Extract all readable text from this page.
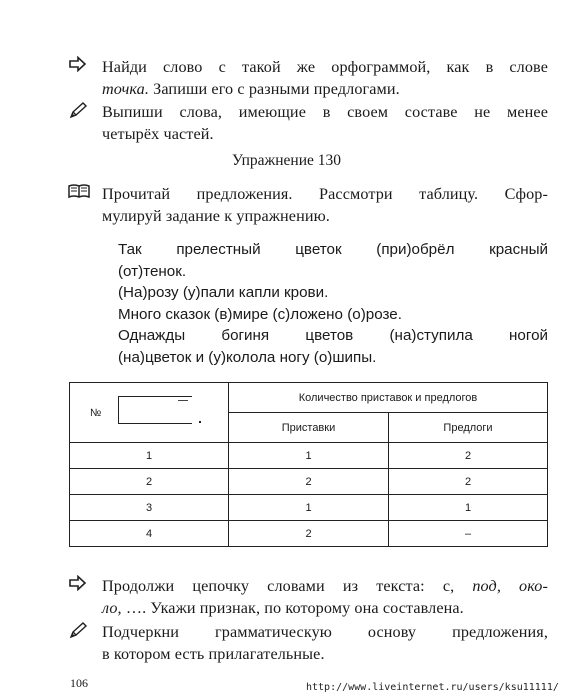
Найди слово с такой же орфограммой, как в слове
точка. Запиши его с разными предлогами.
Выпиши слова, имеющие в своем составе не менее
четырёх частей.
Упражнение 130
Прочитай предложения. Рассмотри таблицу. Сфор-
мулируй задание к упражнению.
Так прелестный цветок (при)обрёл красный
(от)тенок.
(На)розу (у)пали капли крови.
Много сказок (в)мире (с)ложено (о)розе.
Однажды богиня цветов (на)ступила ногой
(на)цветок и (у)колола ногу (о)шипы.
№	Количество приставок и предлогов	
	Приставки	Предлоги
1	1	2
2	2	2
3	1	1
4	2	–
Продолжи цепочку словами из текста: с, под, око-
ло, …. Укажи признак, по которому она составлена.
Подчеркни грамматическую основу предложения,
в котором есть прилагательные.
106	http://www.liveinternet.ru/users/ksu11111/
